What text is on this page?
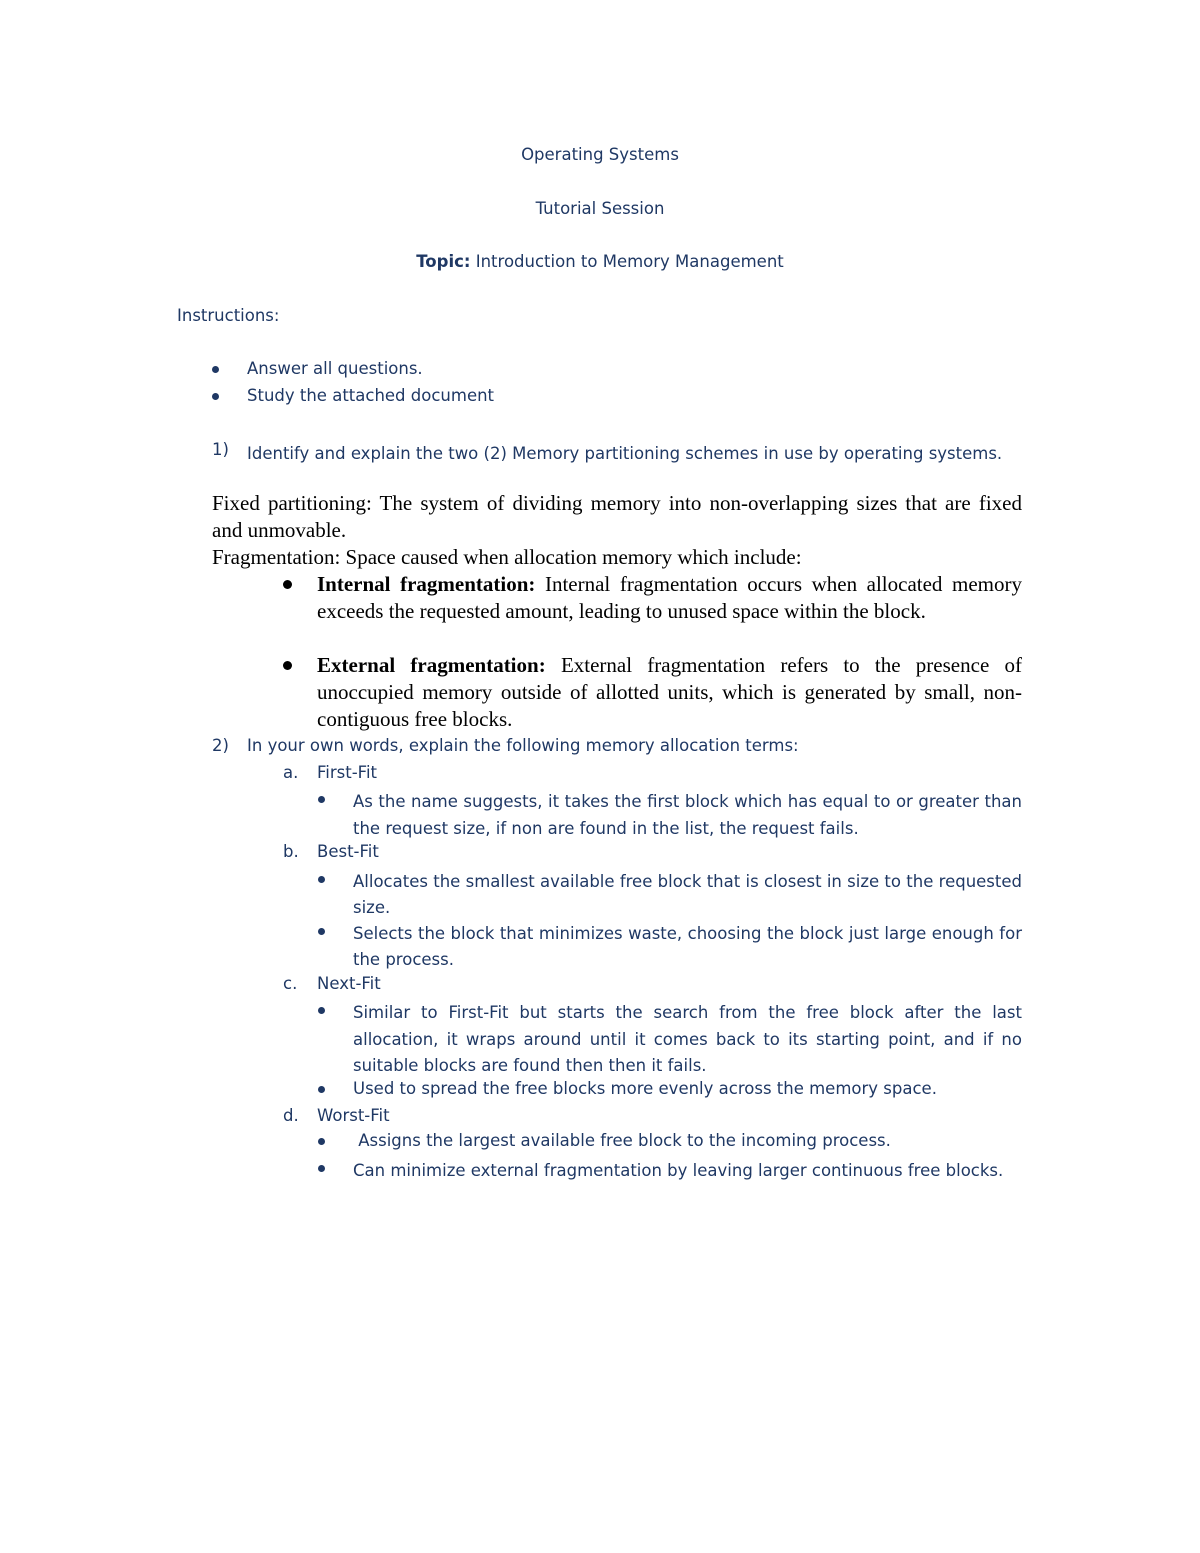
Operating Systems
Tutorial Session
Topic: Introduction to Memory Management
Instructions:
Answer all questions.
Study the attached document
1) Identify and explain the two (2) Memory partitioning schemes in use by operating systems.
Fixed partitioning: The system of dividing memory into non-overlapping sizes that are fixed and unmovable.
Fragmentation: Space caused when allocation memory which include:
Internal fragmentation: Internal fragmentation occurs when allocated memory exceeds the requested amount, leading to unused space within the block.
External fragmentation: External fragmentation refers to the presence of unoccupied memory outside of allotted units, which is generated by small, non-contiguous free blocks.
2) In your own words, explain the following memory allocation terms:
a. First-Fit
As the name suggests, it takes the first block which has equal to or greater than the request size, if non are found in the list, the request fails.
b. Best-Fit
Allocates the smallest available free block that is closest in size to the requested size.
Selects the block that minimizes waste, choosing the block just large enough for the process.
c. Next-Fit
Similar to First-Fit but starts the search from the free block after the last allocation, it wraps around until it comes back to its starting point, and if no suitable blocks are found then then it fails.
Used to spread the free blocks more evenly across the memory space.
d. Worst-Fit
Assigns the largest available free block to the incoming process.
Can minimize external fragmentation by leaving larger continuous free blocks.
